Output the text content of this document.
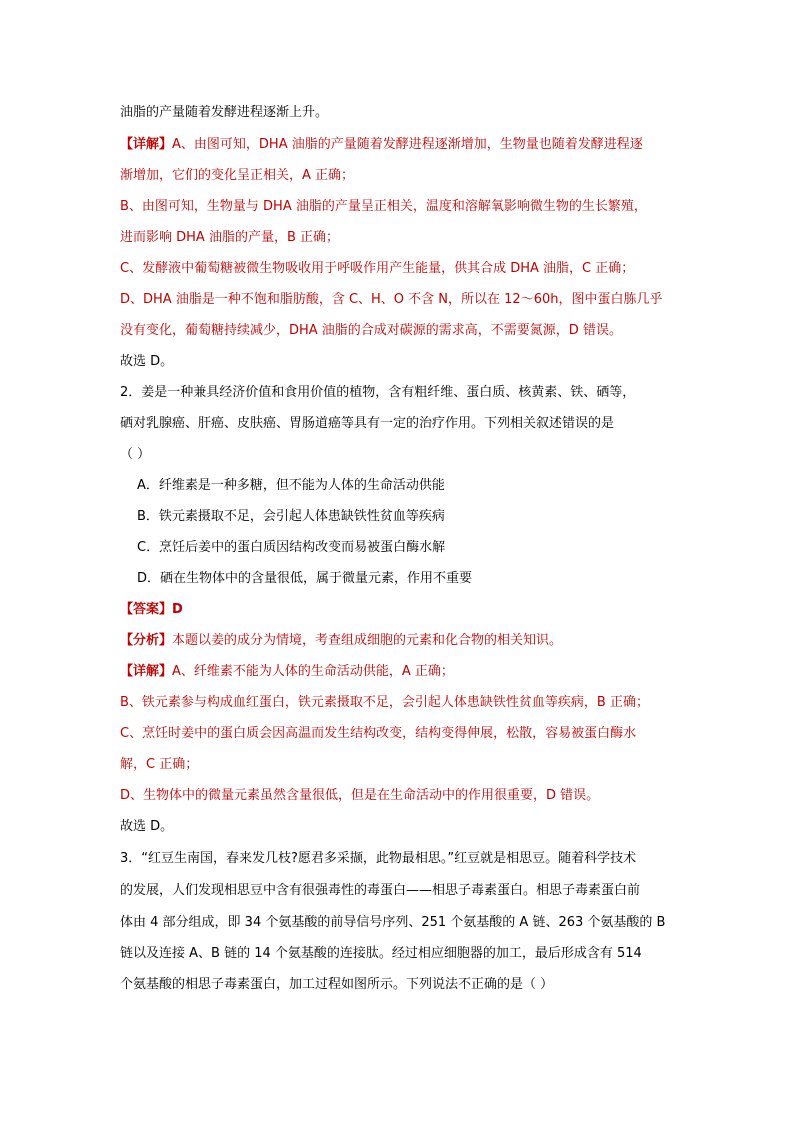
油脂的产量随着发酵进程逐渐上升。
【详解】A、由图可知，DHA 油脂的产量随着发酵进程逐渐增加，生物量也随着发酵进程逐
渐增加，它们的变化呈正相关，A 正确；
B、由图可知，生物量与 DHA 油脂的产量呈正相关，温度和溶解氧影响微生物的生长繁殖，
进而影响 DHA 油脂的产量，B 正确；
C、发酵液中葡萄糖被微生物吸收用于呼吸作用产生能量，供其合成 DHA 油脂，C 正确；
D、DHA 油脂是一种不饱和脂肪酸，含 C、H、O 不含 N，所以在 12～60h，图中蛋白胨几乎
没有变化，葡萄糖持续减少，DHA 油脂的合成对碳源的需求高，不需要氮源，D 错误。
故选 D。
2．姜是一种兼具经济价值和食用价值的植物，含有粗纤维、蛋白质、核黄素、铁、硒等，
硒对乳腺癌、肝癌、皮肤癌、胃肠道癌等具有一定的治疗作用。下列相关叙述错误的是
（ ）
A．纤维素是一种多糖，但不能为人体的生命活动供能
B．铁元素摄取不足，会引起人体患缺铁性贫血等疾病
C．烹饪后姜中的蛋白质因结构改变而易被蛋白酶水解
D．硒在生物体中的含量很低，属于微量元素，作用不重要
【答案】D
【分析】本题以姜的成分为情境，考查组成细胞的元素和化合物的相关知识。
【详解】A、纤维素不能为人体的生命活动供能，A 正确；
B、铁元素参与构成血红蛋白，铁元素摄取不足，会引起人体患缺铁性贫血等疾病，B 正确；
C、烹饪时姜中的蛋白质会因高温而发生结构改变，结构变得伸展，松散，容易被蛋白酶水
解，C 正确；
D、生物体中的微量元素虽然含量很低，但是在生命活动中的作用很重要，D 错误。
故选 D。
3．“红豆生南国，春来发几枝?愿君多采撷，此物最相思。”红豆就是相思豆。随着科学技术
的发展，人们发现相思豆中含有很强毒性的毒蛋白——相思子毒素蛋白。相思子毒素蛋白前
体由 4 部分组成，即 34 个氨基酸的前导信号序列、251 个氨基酸的 A 链、263 个氨基酸的 B
链以及连接 A、B 链的 14 个氨基酸的连接肽。经过相应细胞器的加工，最后形成含有 514
个氨基酸的相思子毒素蛋白，加工过程如图所示。下列说法不正确的是（ ）
